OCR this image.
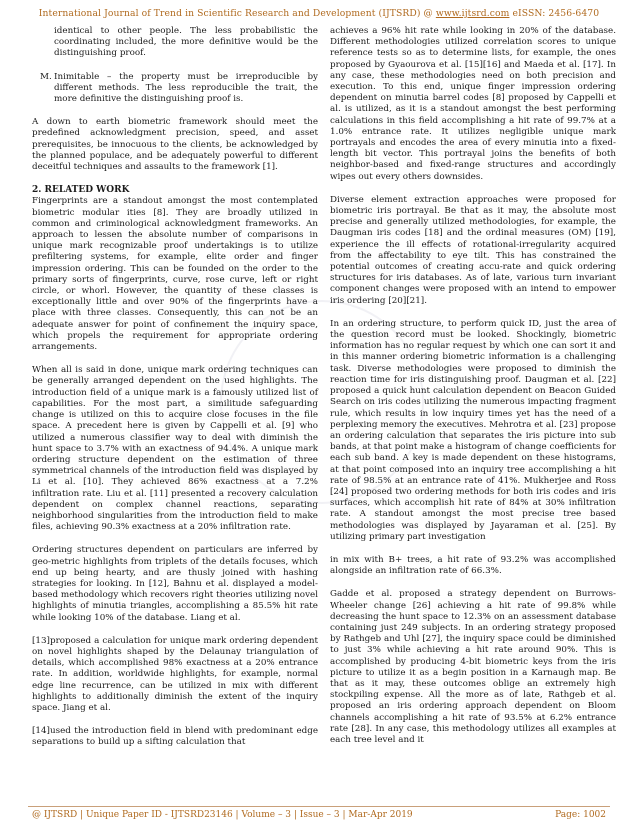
International Journal of Trend in Scientific Research and Development (IJTSRD) @ www.ijtsrd.com eISSN: 2456-6470
identical to other people. The less probabilistic the coordinating included, the more definitive would be the distinguishing proof.
M. Inimitable – the property must be irreproducible by different methods. The less reproducible the trait, the more definitive the distinguishing proof is.

A down to earth biometric framework should meet the predefined acknowledgment precision, speed, and asset prerequisites, be innocuous to the clients, be acknowledged by the planned populace, and be adequately powerful to different deceitful techniques and assaults to the framework [1].

2. RELATED WORK

Fingerprints are a standout amongst the most contemplated biometric modular ities [8]. They are broadly utilized in common and criminological acknowledgment frameworks. An approach to lessen the absolute number of comparisons in unique mark recognizable proof undertakings is to utilize prefiltering systems, for example, elite order and finger impression ordering. This can be founded on the order to the primary sorts of fingerprints, curve, rose curve, left or right circle, or whorl. However, the quantity of these classes is exceptionally little and over 90% of the fingerprints have a place with three classes. Consequently, this can not be an adequate answer for point of confinement the inquiry space, which propels the requirement for appropriate ordering arrangements.

When all is said in done, unique mark ordering techniques can be generally arranged dependent on the used highlights. The introduction field of a unique mark is a famously utilized list of capabilities. For the most part, a similitude safeguarding change is utilized on this to acquire close focuses in the file space. A precedent here is given by Cappelli et al. [9] who utilized a numerous classifier way to deal with diminish the hunt space to 3.7% with an exactness of 94.4%. A unique mark ordering structure dependent on the estimation of three symmetrical channels of the introduction field was displayed by Li et al. [10]. They achieved 86% exactness at a 7.2% infiltration rate. Liu et al. [11] presented a recovery calculation dependent on complex channel reactions, separating neighborhood singularities from the introduction field to make files, achieving 90.3% exactness at a 20% infiltration rate.

Ordering structures dependent on particulars are inferred by geo-metric highlights from triplets of the details focuses, which end up being hearty, and are thusly joined with hashing strategies for looking. In [12], Bahnu et al. displayed a model-based methodology which recovers right theories utilizing novel highlights of minutia triangles, accomplishing a 85.5% hit rate while looking 10% of the database. Liang et al.

[13]proposed a calculation for unique mark ordering dependent on novel highlights shaped by the Delaunay triangulation of details, which accomplished 98% exactness at a 20% entrance rate. In addition, worldwide highlights, for example, normal edge line recurrence, can be utilized in mix with different highlights to additionally diminish the extent of the inquiry space. Jiang et al.

[14]used the introduction field in blend with predominant edge separations to build up a sifting calculation that

achieves a 96% hit rate while looking in 20% of the database. Different methodologies utilized correlation scores to unique reference tests so as to determine lists, for example, the ones proposed by Gyaourova et al. [15][16] and Maeda et al. [17]. In any case, these methodologies need on both precision and execution. To this end, unique finger impression ordering dependent on minutia barrel codes [8] proposed by Cappelli et al. is utilized, as it is a standout amongst the best performing calculations in this field accomplishing a hit rate of 99.7% at a 1.0% entrance rate. It utilizes negligible unique mark portrayals and encodes the area of every minutia into a fixed-length bit vector. This portrayal joins the benefits of both neighbor-based and fixed-range structures and accordingly wipes out every others downsides.

Diverse element extraction approaches were proposed for biometric iris portrayal. Be that as it may, the absolute most precise and generally utilized methodologies, for example, the Daugman iris codes [18] and the ordinal measures (OM) [19], experience the ill effects of rotational-irregularity acquired from the affectability to eye tilt. This has constrained the potential outcomes of creating accu-rate and quick ordering structures for iris databases. As of late, various turn invariant component changes were proposed with an intend to empower iris ordering [20][21].

In an ordering structure, to perform quick ID, just the area of the question record must be looked. Shockingly, biometric information has no regular request by which one can sort it and in this manner ordering biometric information is a challenging task. Diverse methodologies were proposed to diminish the reaction time for iris distinguishing proof. Daugman et al. [22] proposed a quick hunt calculation dependent on Beacon Guided Search on iris codes utilizing the numerous impacting fragment rule, which results in low inquiry times yet has the need of a perplexing memory the executives. Mehrotra et al. [23] propose an ordering calculation that separates the iris picture into sub bands, at that point make a histogram of change coefficients for each sub band. A key is made dependent on these histograms, at that point composed into an inquiry tree accomplishing a hit rate of 98.5% at an entrance rate of 41%. Mukherjee and Ross [24] proposed two ordering methods for both iris codes and iris surfaces, which accomplish hit rate of 84% at 30% infiltration rate. A standout amongst the most precise tree based methodologies was displayed by Jayaraman et al. [25]. By utilizing primary part investigation

in mix with B+ trees, a hit rate of 93.2% was accomplished alongside an infiltration rate of 66.3%.

Gadde et al. proposed a strategy dependent on Burrows-Wheeler change [26] achieving a hit rate of 99.8% while decreasing the hunt space to 12.3% on an assessment database containing just 249 subjects. In an ordering strategy proposed by Rathgeb and Uhl [27], the inquiry space could be diminished to just 3% while achieving a hit rate around 90%. This is accomplished by producing 4-bit biometric keys from the iris picture to utilize it as a begin position in a Karnaugh map. Be that as it may, these outcomes oblige an extremely high stockpiling expense. All the more as of late, Rathgeb et al. proposed an iris ordering approach dependent on Bloom channels accomplishing a hit rate of 93.5% at 6.2% entrance rate [28]. In any case, this methodology utilizes all examples at each tree level and it

@ IJTSRD | Unique Paper ID - IJTSRD23146 | Volume – 3 | Issue – 3 | Mar-Apr 2019	Page: 1002
